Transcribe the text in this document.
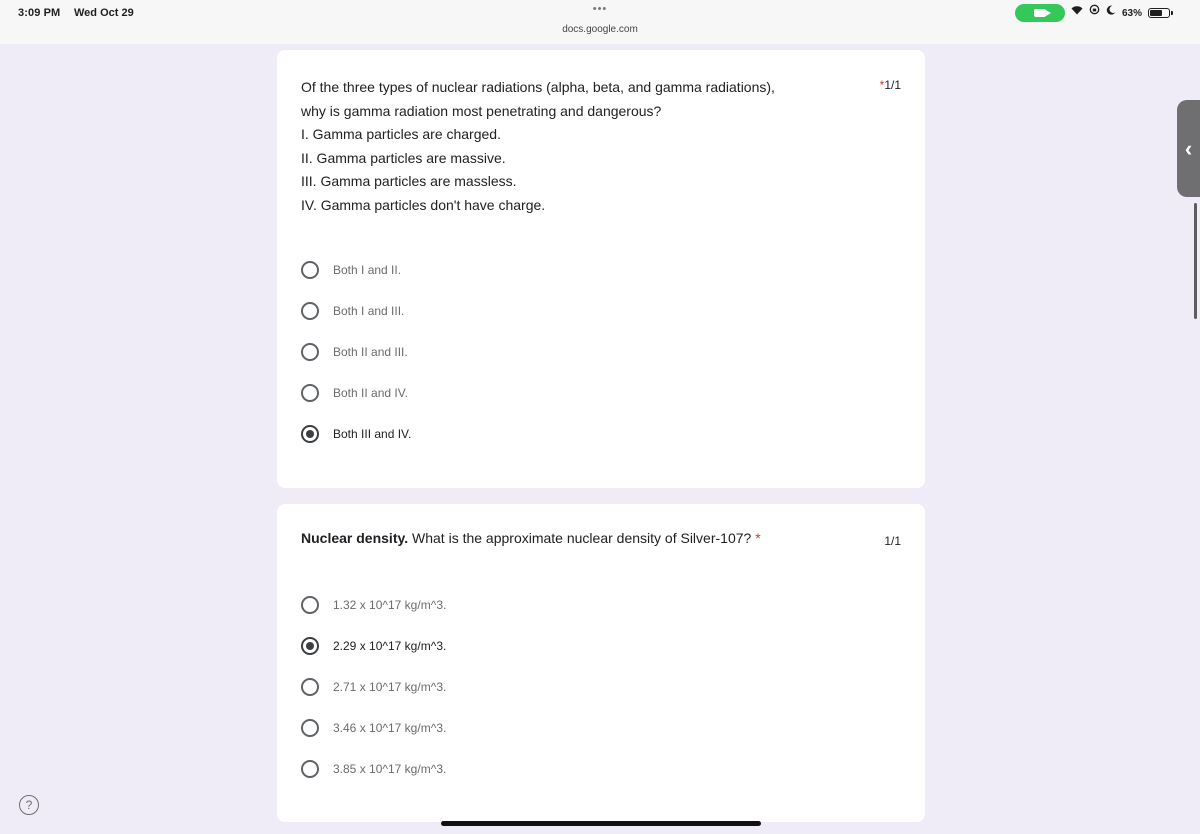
3:09 PM Wed Oct 29	•••
docs.google.com
63%
Of the three types of nuclear radiations (alpha, beta, and gamma radiations),
why is gamma radiation most penetrating and dangerous?
I. Gamma particles are charged.
II. Gamma particles are massive.
III. Gamma particles are massless.
IV. Gamma particles don't have charge.
*1/1
Both I and II.
Both I and III.
Both II and III.
Both II and IV.
Both III and IV.
Nuclear density. What is the approximate nuclear density of Silver-107? *	1/1
1.32 x 10^17 kg/m^3.
2.29 x 10^17 kg/m^3.
2.71 x 10^17 kg/m^3.
3.46 x 10^17 kg/m^3.
3.85 x 10^17 kg/m^3.
‹
?
